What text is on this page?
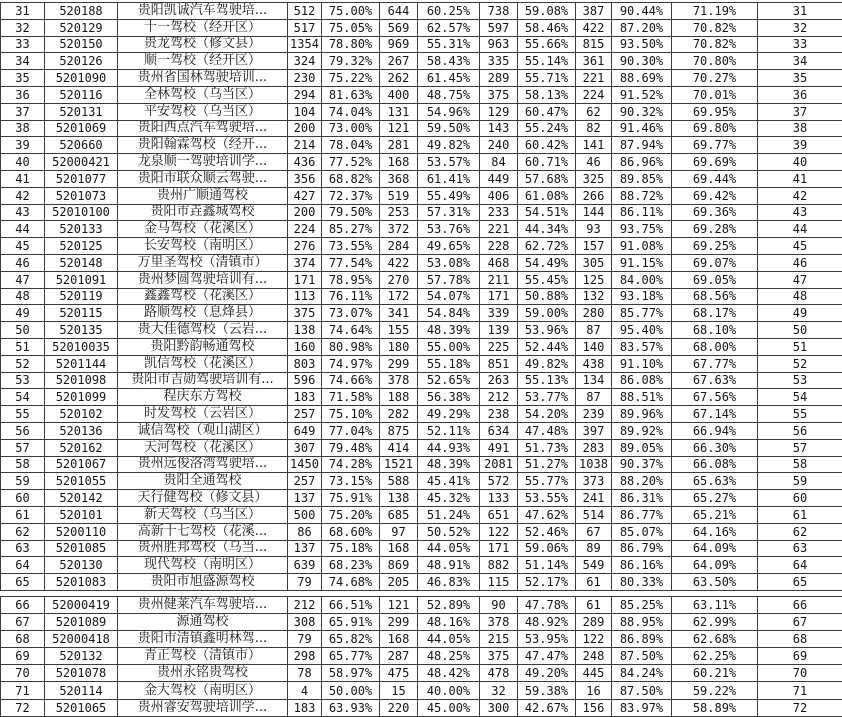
31	520188	贵阳凯诚汽车驾驶培...	512	75.00%	644	60.25%	738	59.08%	387	90.44%	71.19%	31
32	520129	十一驾校（经开区）	517	75.05%	569	62.57%	597	58.46%	422	87.20%	70.82%	32
33	520150	贵龙驾校（修文县）	1354	78.80%	969	55.31%	963	55.66%	815	93.50%	70.82%	33
34	520126	顺一驾校（经开区）	324	79.32%	267	58.43%	335	55.14%	361	90.30%	70.80%	34
35	5201090	贵州省国林驾驶培训...	230	75.22%	262	61.45%	289	55.71%	221	88.69%	70.27%	35
36	520116	全林驾校（乌当区）	294	81.63%	400	48.75%	375	58.13%	224	91.52%	70.01%	36
37	520131	平安驾校（乌当区）	104	74.04%	131	54.96%	129	60.47%	62	90.32%	69.95%	37
38	5201069	贵阳西点汽车驾驶培...	200	73.00%	121	59.50%	143	55.24%	82	91.46%	69.80%	38
39	520660	贵阳翰霖驾校（经开...	214	78.04%	281	49.82%	240	60.42%	141	87.94%	69.77%	39
40	52000421	龙泉顺一驾驶培训学...	436	77.52%	168	53.57%	84	60.71%	46	86.96%	69.69%	40
41	5201077	贵阳市联众顺云驾驶...	356	68.82%	368	61.41%	449	57.68%	325	89.85%	69.44%	41
42	5201073	贵州广顺通驾校	427	72.37%	519	55.49%	406	61.08%	266	88.72%	69.42%	42
43	52010100	贵阳市垚鑫城驾校	200	79.50%	253	57.31%	233	54.51%	144	86.11%	69.36%	43
44	520133	金马驾校（花溪区）	224	85.27%	372	53.76%	221	44.34%	93	93.75%	69.28%	44
45	520125	长安驾校（南明区）	276	73.55%	284	49.65%	228	62.72%	157	91.08%	69.25%	45
46	520148	万里圣驾校（清镇市）	374	77.54%	422	53.08%	468	54.49%	305	91.15%	69.07%	46
47	5201091	贵州梦圆驾驶培训有...	171	78.95%	270	57.78%	211	55.45%	125	84.00%	69.05%	47
48	520119	鑫鑫驾校（花溪区）	113	76.11%	172	54.07%	171	50.88%	132	93.18%	68.56%	48
49	520115	路顺驾校（息烽县）	375	73.07%	341	54.84%	339	59.00%	280	85.77%	68.17%	49
50	520135	贵大佳德驾校（云岩...	138	74.64%	155	48.39%	139	53.96%	87	95.40%	68.10%	50
51	52010035	贵阳黔韵畅通驾校	160	80.98%	180	55.00%	225	52.44%	140	83.57%	68.00%	51
52	5201144	凯信驾校（花溪区）	803	74.97%	299	55.18%	851	49.82%	438	91.10%	67.77%	52
53	5201098	贵阳市吉勋驾驶培训有...	596	74.66%	378	52.65%	263	55.13%	134	86.08%	67.63%	53
54	5201099	程庆东方驾校	183	71.58%	188	56.38%	212	53.77%	87	88.51%	67.56%	54
55	520102	时发驾校（云岩区）	257	75.10%	282	49.29%	238	54.20%	239	89.96%	67.14%	55
56	520136	诚信驾校（观山湖区）	649	77.04%	875	52.11%	634	47.48%	397	89.92%	66.94%	56
57	520162	天河驾校（花溪区）	307	79.48%	414	44.93%	491	51.73%	283	89.05%	66.30%	57
58	5201067	贵州远俊洛湾驾驶培...	1450	74.28%	1521	48.39%	2081	51.27%	1038	90.37%	66.08%	58
59	5201055	贵阳全通驾校	257	73.15%	588	45.41%	572	55.77%	373	88.20%	65.63%	59
60	520142	天行健驾校（修文县）	137	75.91%	138	45.32%	133	53.55%	241	86.31%	65.27%	60
61	520101	新天驾校（乌当区）	500	75.20%	685	51.24%	651	47.62%	514	86.77%	65.21%	61
62	5200110	高新十七驾校（花溪...	86	68.60%	97	50.52%	122	52.46%	67	85.07%	64.16%	62
63	5201085	贵州胜邦驾校（乌当...	137	75.18%	168	44.05%	171	59.06%	89	86.79%	64.09%	63
64	520130	现代驾校（南明区）	639	68.23%	869	48.91%	882	51.14%	549	86.16%	64.09%	64
65	5201083	贵阳市旭盛源驾校	79	74.68%	205	46.83%	115	52.17%	61	80.33%	63.50%	65
66	52000419	贵州健莱汽车驾驶培...	212	66.51%	121	52.89%	90	47.78%	61	85.25%	63.11%	66
67	5201089	源通驾校	308	65.91%	299	48.16%	378	48.92%	289	88.95%	62.99%	67
68	52000418	贵阳市清镇鑫明林驾...	79	65.82%	168	44.05%	215	53.95%	122	86.89%	62.68%	68
69	520132	青正驾校（清镇市）	298	65.77%	287	48.25%	375	47.47%	248	87.50%	62.25%	69
70	5201078	贵州永铭贵驾校	78	58.97%	475	48.42%	478	49.20%	445	84.24%	60.21%	70
71	520114	金大驾校（南明区）	4	50.00%	15	40.00%	32	59.38%	16	87.50%	59.22%	71
72	5201065	贵州睿安驾驶培训学...	183	63.93%	220	45.00%	300	42.67%	156	83.97%	58.89%	72
